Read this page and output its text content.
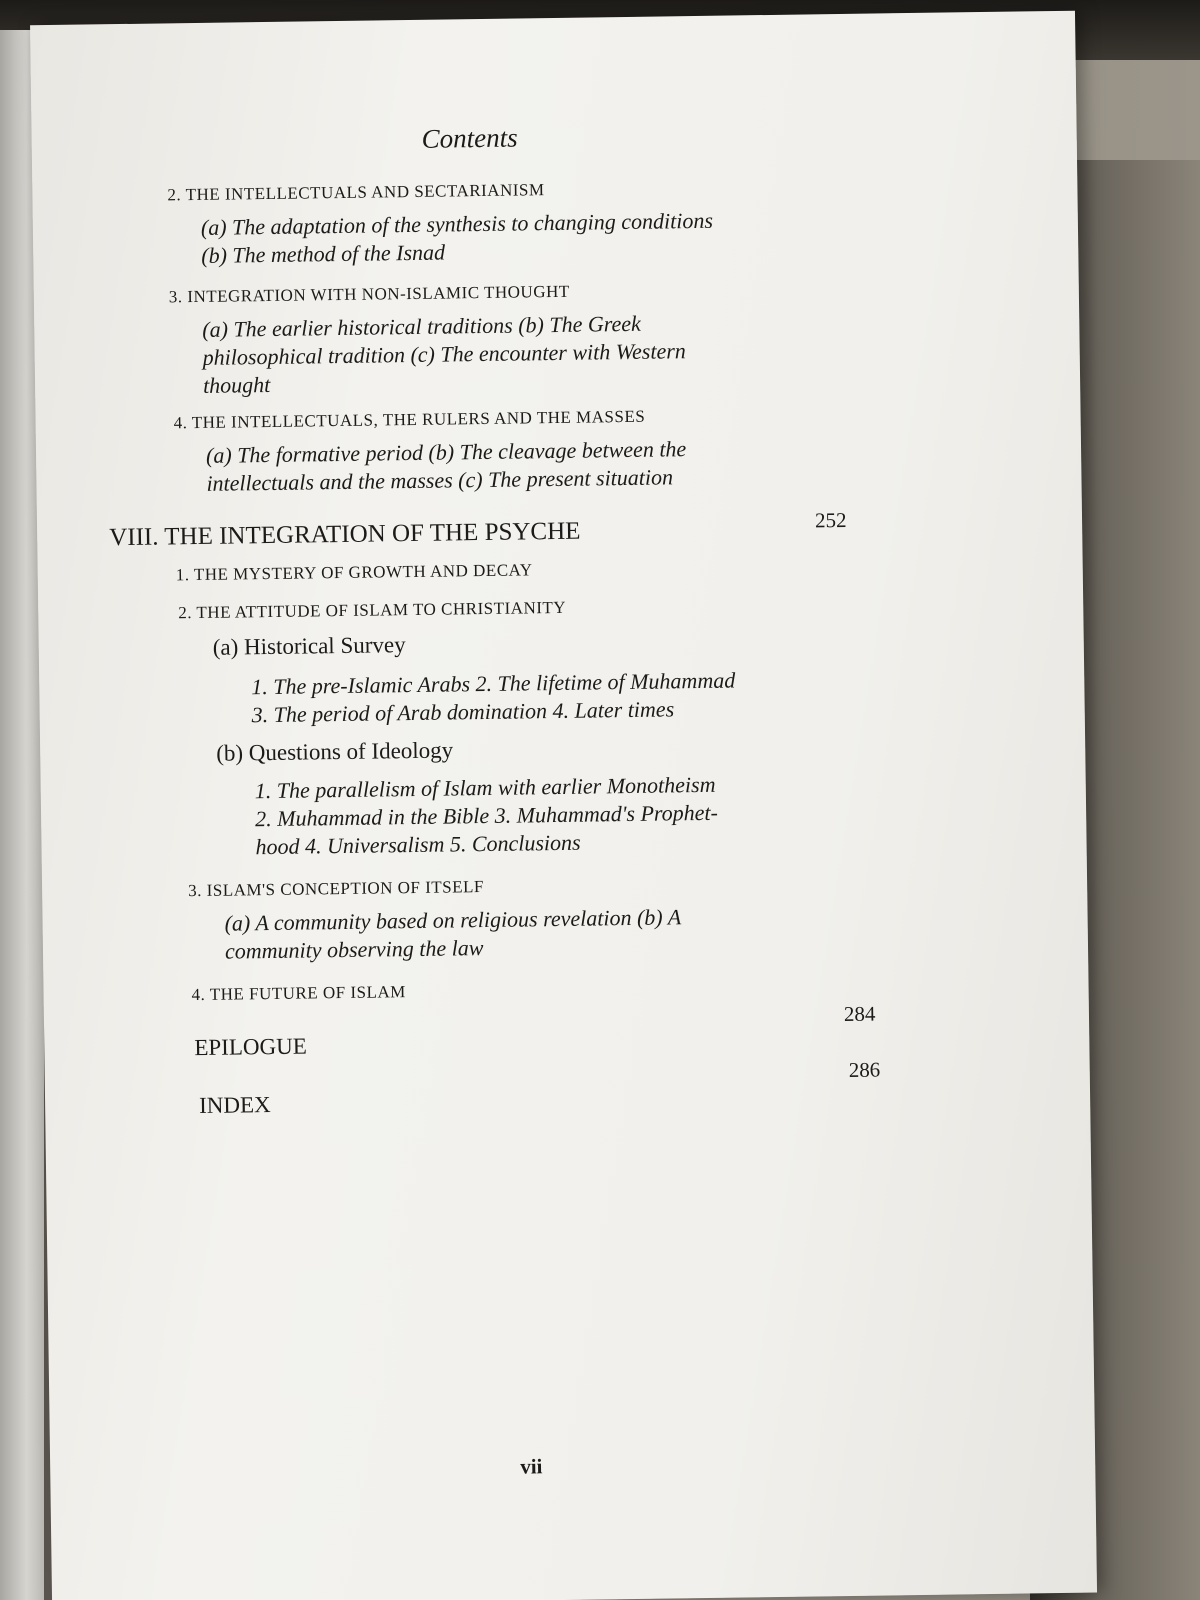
Contents
2. THE INTELLECTUALS AND SECTARIANISM
(a) The adaptation of the synthesis to changing conditions
(b) The method of the Isnad
3. INTEGRATION WITH NON-ISLAMIC THOUGHT
(a) The earlier historical traditions (b) The Greek
philosophical tradition (c) The encounter with Western
thought
4. THE INTELLECTUALS, THE RULERS AND THE MASSES
(a) The formative period (b) The cleavage between the
intellectuals and the masses (c) The present situation
VIII. THE INTEGRATION OF THE PSYCHE	252
1. THE MYSTERY OF GROWTH AND DECAY
2. THE ATTITUDE OF ISLAM TO CHRISTIANITY
(a) Historical Survey
1. The pre-Islamic Arabs 2. The lifetime of Muhammad
3. The period of Arab domination 4. Later times
(b) Questions of Ideology
1. The parallelism of Islam with earlier Monotheism
2. Muhammad in the Bible 3. Muhammad's Prophet-
hood 4. Universalism 5. Conclusions
3. ISLAM'S CONCEPTION OF ITSELF
(a) A community based on religious revelation (b) A
community observing the law
4. THE FUTURE OF ISLAM
284
EPILOGUE
286
INDEX
vii
